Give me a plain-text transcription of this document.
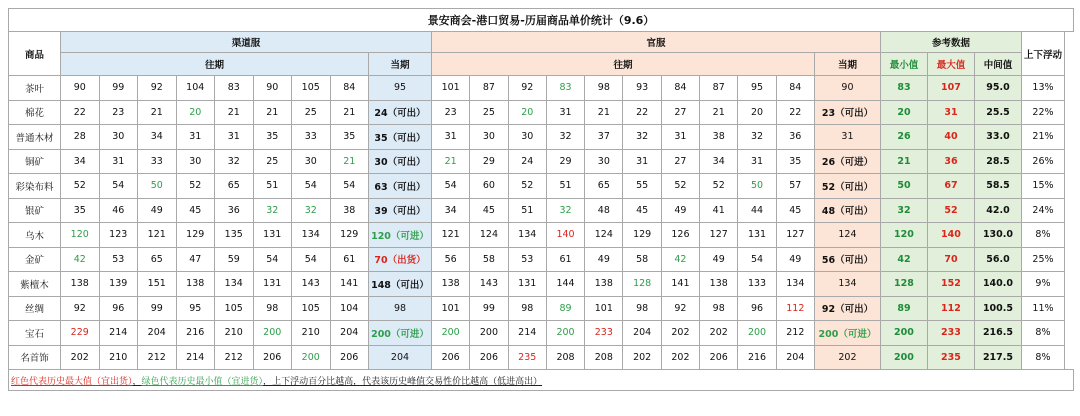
景安商会-港口贸易-历届商品单价统计（9.6）																								
商品	渠道服									官服											参考数据			上下浮动
	往期								当期	往期										当期	最小值	最大值	中间值	
茶叶	90	99	92	104	83	90	105	84	95	101	87	92	83	98	93	84	87	95	84	90	83	107	95.0	13%
棉花	22	23	21	20	21	21	25	21	24（可出）	23	25	20	31	21	22	27	21	20	22	23（可出）	20	31	25.5	22%
普通木材	28	30	34	31	31	35	33	35	35（可出）	31	30	30	32	37	32	31	38	32	36	31	26	40	33.0	21%
铜矿	34	31	33	30	32	25	30	21	30（可出）	21	29	24	29	30	31	27	34	31	35	26（可进）	21	36	28.5	26%
彩染布料	52	54	50	52	65	51	54	54	63（可出）	54	60	52	51	65	55	52	52	50	57	52（可出）	50	67	58.5	15%
银矿	35	46	49	45	36	32	32	38	39（可出）	34	45	51	32	48	45	49	41	44	45	48（可出）	32	52	42.0	24%
乌木	120	123	121	129	135	131	134	129	120（可进）	121	124	134	140	124	129	126	127	131	127	124	120	140	130.0	8%
金矿	42	53	65	47	59	54	54	61	70（出货）	56	58	53	61	49	58	42	49	54	49	56（可出）	42	70	56.0	25%
紫檀木	138	139	151	138	134	131	143	141	148（可出）	138	143	131	144	138	128	141	138	133	134	134	128	152	140.0	9%
丝绸	92	96	99	95	105	98	105	104	98	101	99	98	89	101	98	92	98	96	112	92（可出）	89	112	100.5	11%
宝石	229	214	204	216	210	200	210	204	200（可进）	200	200	214	200	233	204	202	202	200	212	200（可进）	200	233	216.5	8%
名首饰	202	210	212	214	212	206	200	206	204	206	206	235	208	208	202	202	206	216	204	202	200	235	217.5	8%
红色代表历史最大值（宜出货），绿色代表历史最小值（宜进货），上下浮动百分比越高，代表该历史峰值交易性价比越高（低进高出）																								
